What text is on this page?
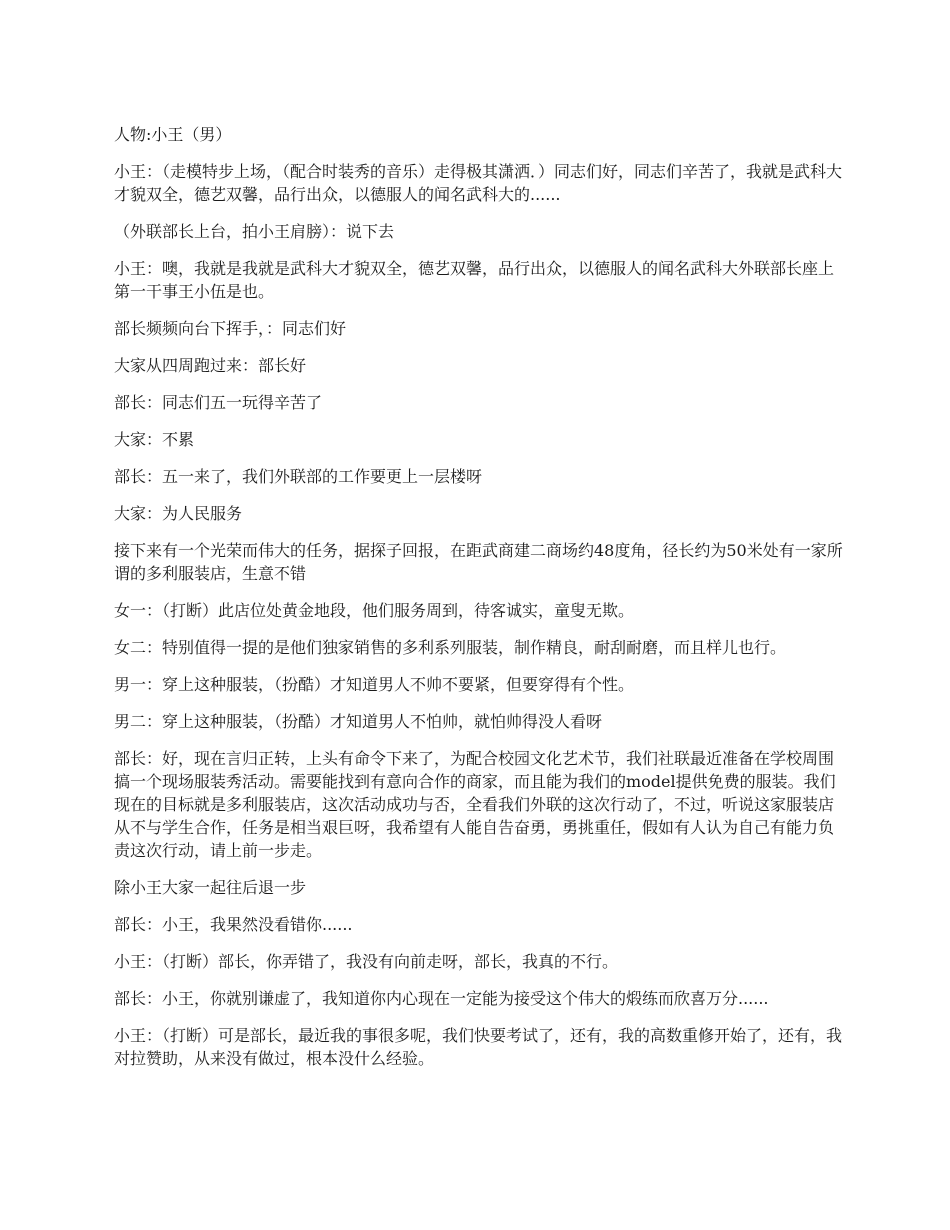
人物:小王（男）

小王：（走模特步上场，（配合时装秀的音乐）走得极其潇洒．）同志们好，同志们辛苦了，我就是武科大才貌双全，德艺双馨，品行出众，以德服人的闻名武科大的......

（外联部长上台，拍小王肩膀）：说下去

小王：噢，我就是我就是武科大才貌双全，德艺双馨，品行出众，以德服人的闻名武科大外联部长座上第一干事王小伍是也。

部长频频向台下挥手，：同志们好

大家从四周跑过来：部长好

部长：同志们五一玩得辛苦了

大家：不累

部长：五一来了，我们外联部的工作要更上一层楼呀

大家：为人民服务

接下来有一个光荣而伟大的任务，据探子回报，在距武商建二商场约48度角，径长约为50米处有一家所谓的多利服装店，生意不错

女一：（打断）此店位处黄金地段，他们服务周到，待客诚实，童叟无欺。

女二：特别值得一提的是他们独家销售的多利系列服装，制作精良，耐刮耐磨，而且样儿也行。

男一：穿上这种服装，（扮酷）才知道男人不帅不要紧，但要穿得有个性。

男二：穿上这种服装，（扮酷）才知道男人不怕帅，就怕帅得没人看呀

部长：好，现在言归正转，上头有命令下来了，为配合校园文化艺术节，我们社联最近准备在学校周围搞一个现场服装秀活动。需要能找到有意向合作的商家，而且能为我们的model提供免费的服装。我们现在的目标就是多利服装店，这次活动成功与否，全看我们外联的这次行动了，不过，听说这家服装店从不与学生合作，任务是相当艰巨呀，我希望有人能自告奋勇，勇挑重任，假如有人认为自己有能力负责这次行动，请上前一步走。

除小王大家一起往后退一步

部长：小王，我果然没看错你......

小王：（打断）部长，你弄错了，我没有向前走呀，部长，我真的不行。

部长：小王，你就别谦虚了，我知道你内心现在一定能为接受这个伟大的煅练而欣喜万分......

小王：（打断）可是部长，最近我的事很多呢，我们快要考试了，还有，我的高数重修开始了，还有，我对拉赞助，从来没有做过，根本没什么经验。
